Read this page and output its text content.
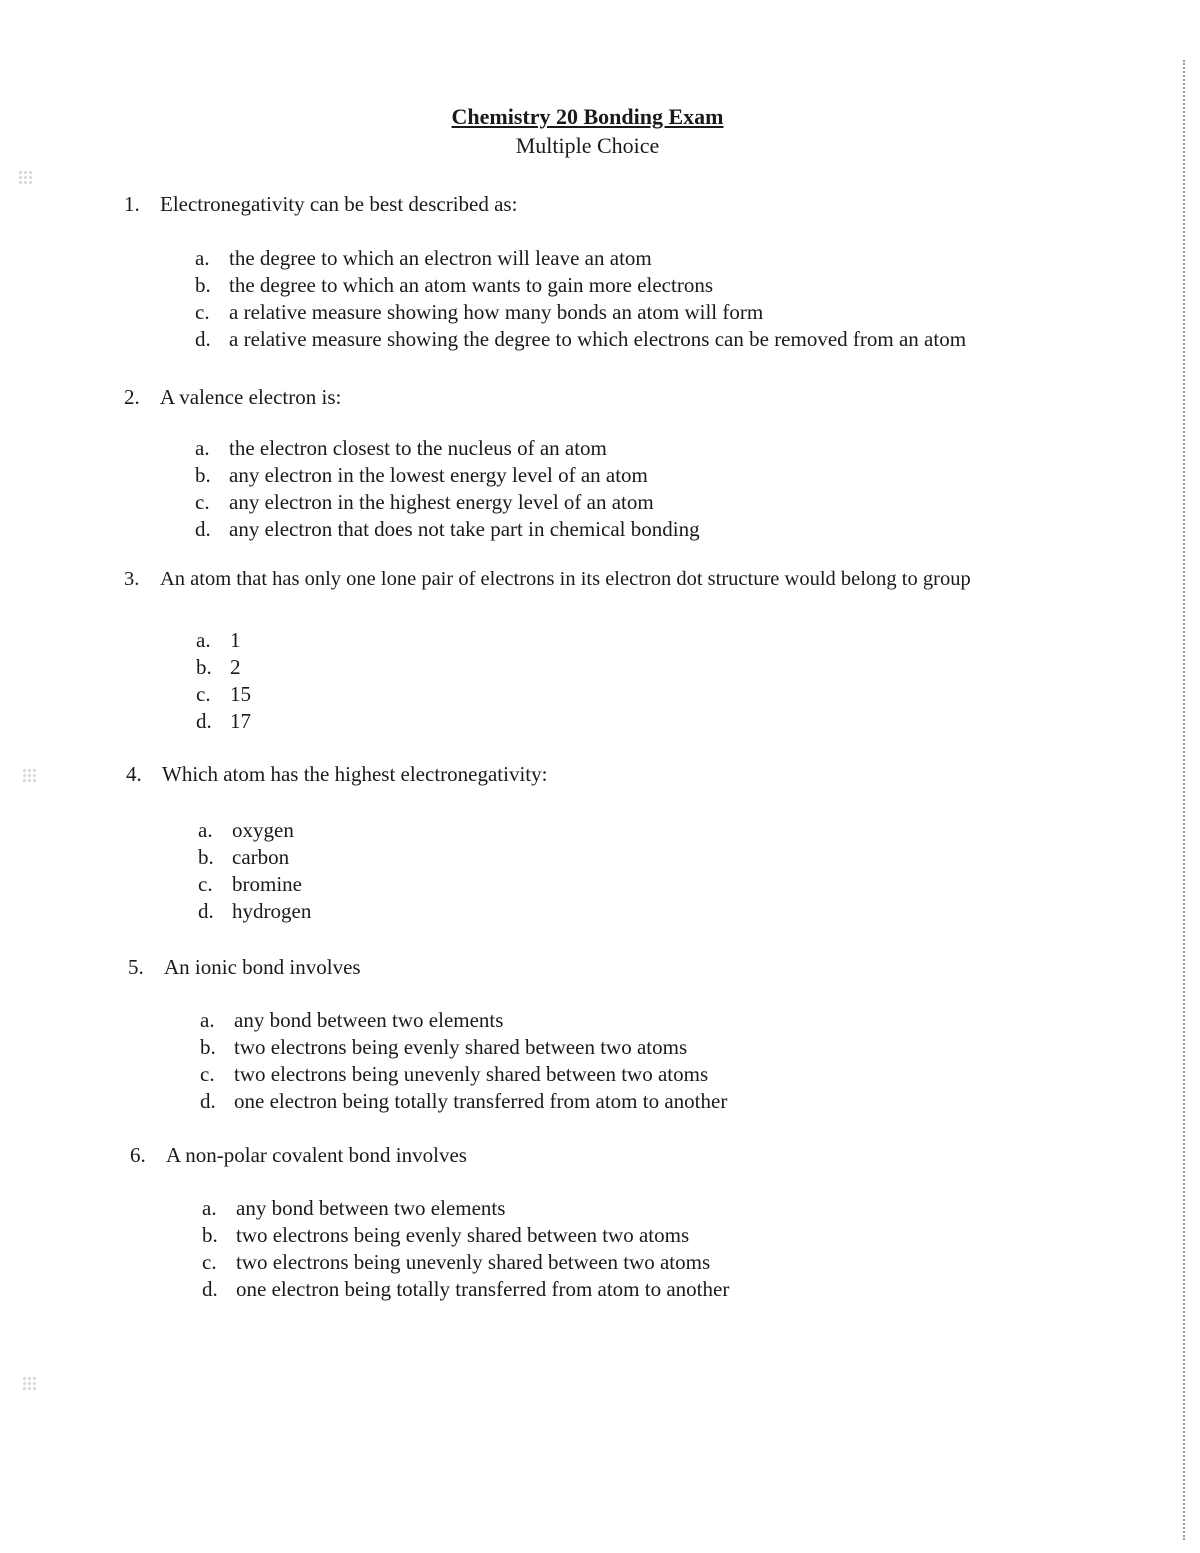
Chemistry 20 Bonding Exam
Multiple Choice
1. Electronegativity can be best described as:
a. the degree to which an electron will leave an atom
b. the degree to which an atom wants to gain more electrons
c. a relative measure showing how many bonds an atom will form
d. a relative measure showing the degree to which electrons can be removed from an atom
2. A valence electron is:
a. the electron closest to the nucleus of an atom
b. any electron in the lowest energy level of an atom
c. any electron in the highest energy level of an atom
d. any electron that does not take part in chemical bonding
3. An atom that has only one lone pair of electrons in its electron dot structure would belong to group
a. 1
b. 2
c. 15
d. 17
4. Which atom has the highest electronegativity:
a. oxygen
b. carbon
c. bromine
d. hydrogen
5. An ionic bond involves
a. any bond between two elements
b. two electrons being evenly shared between two atoms
c. two electrons being unevenly shared between two atoms
d. one electron being totally transferred from atom to another
6. A non-polar covalent bond involves
a. any bond between two elements
b. two electrons being evenly shared between two atoms
c. two electrons being unevenly shared between two atoms
d. one electron being totally transferred from atom to another
